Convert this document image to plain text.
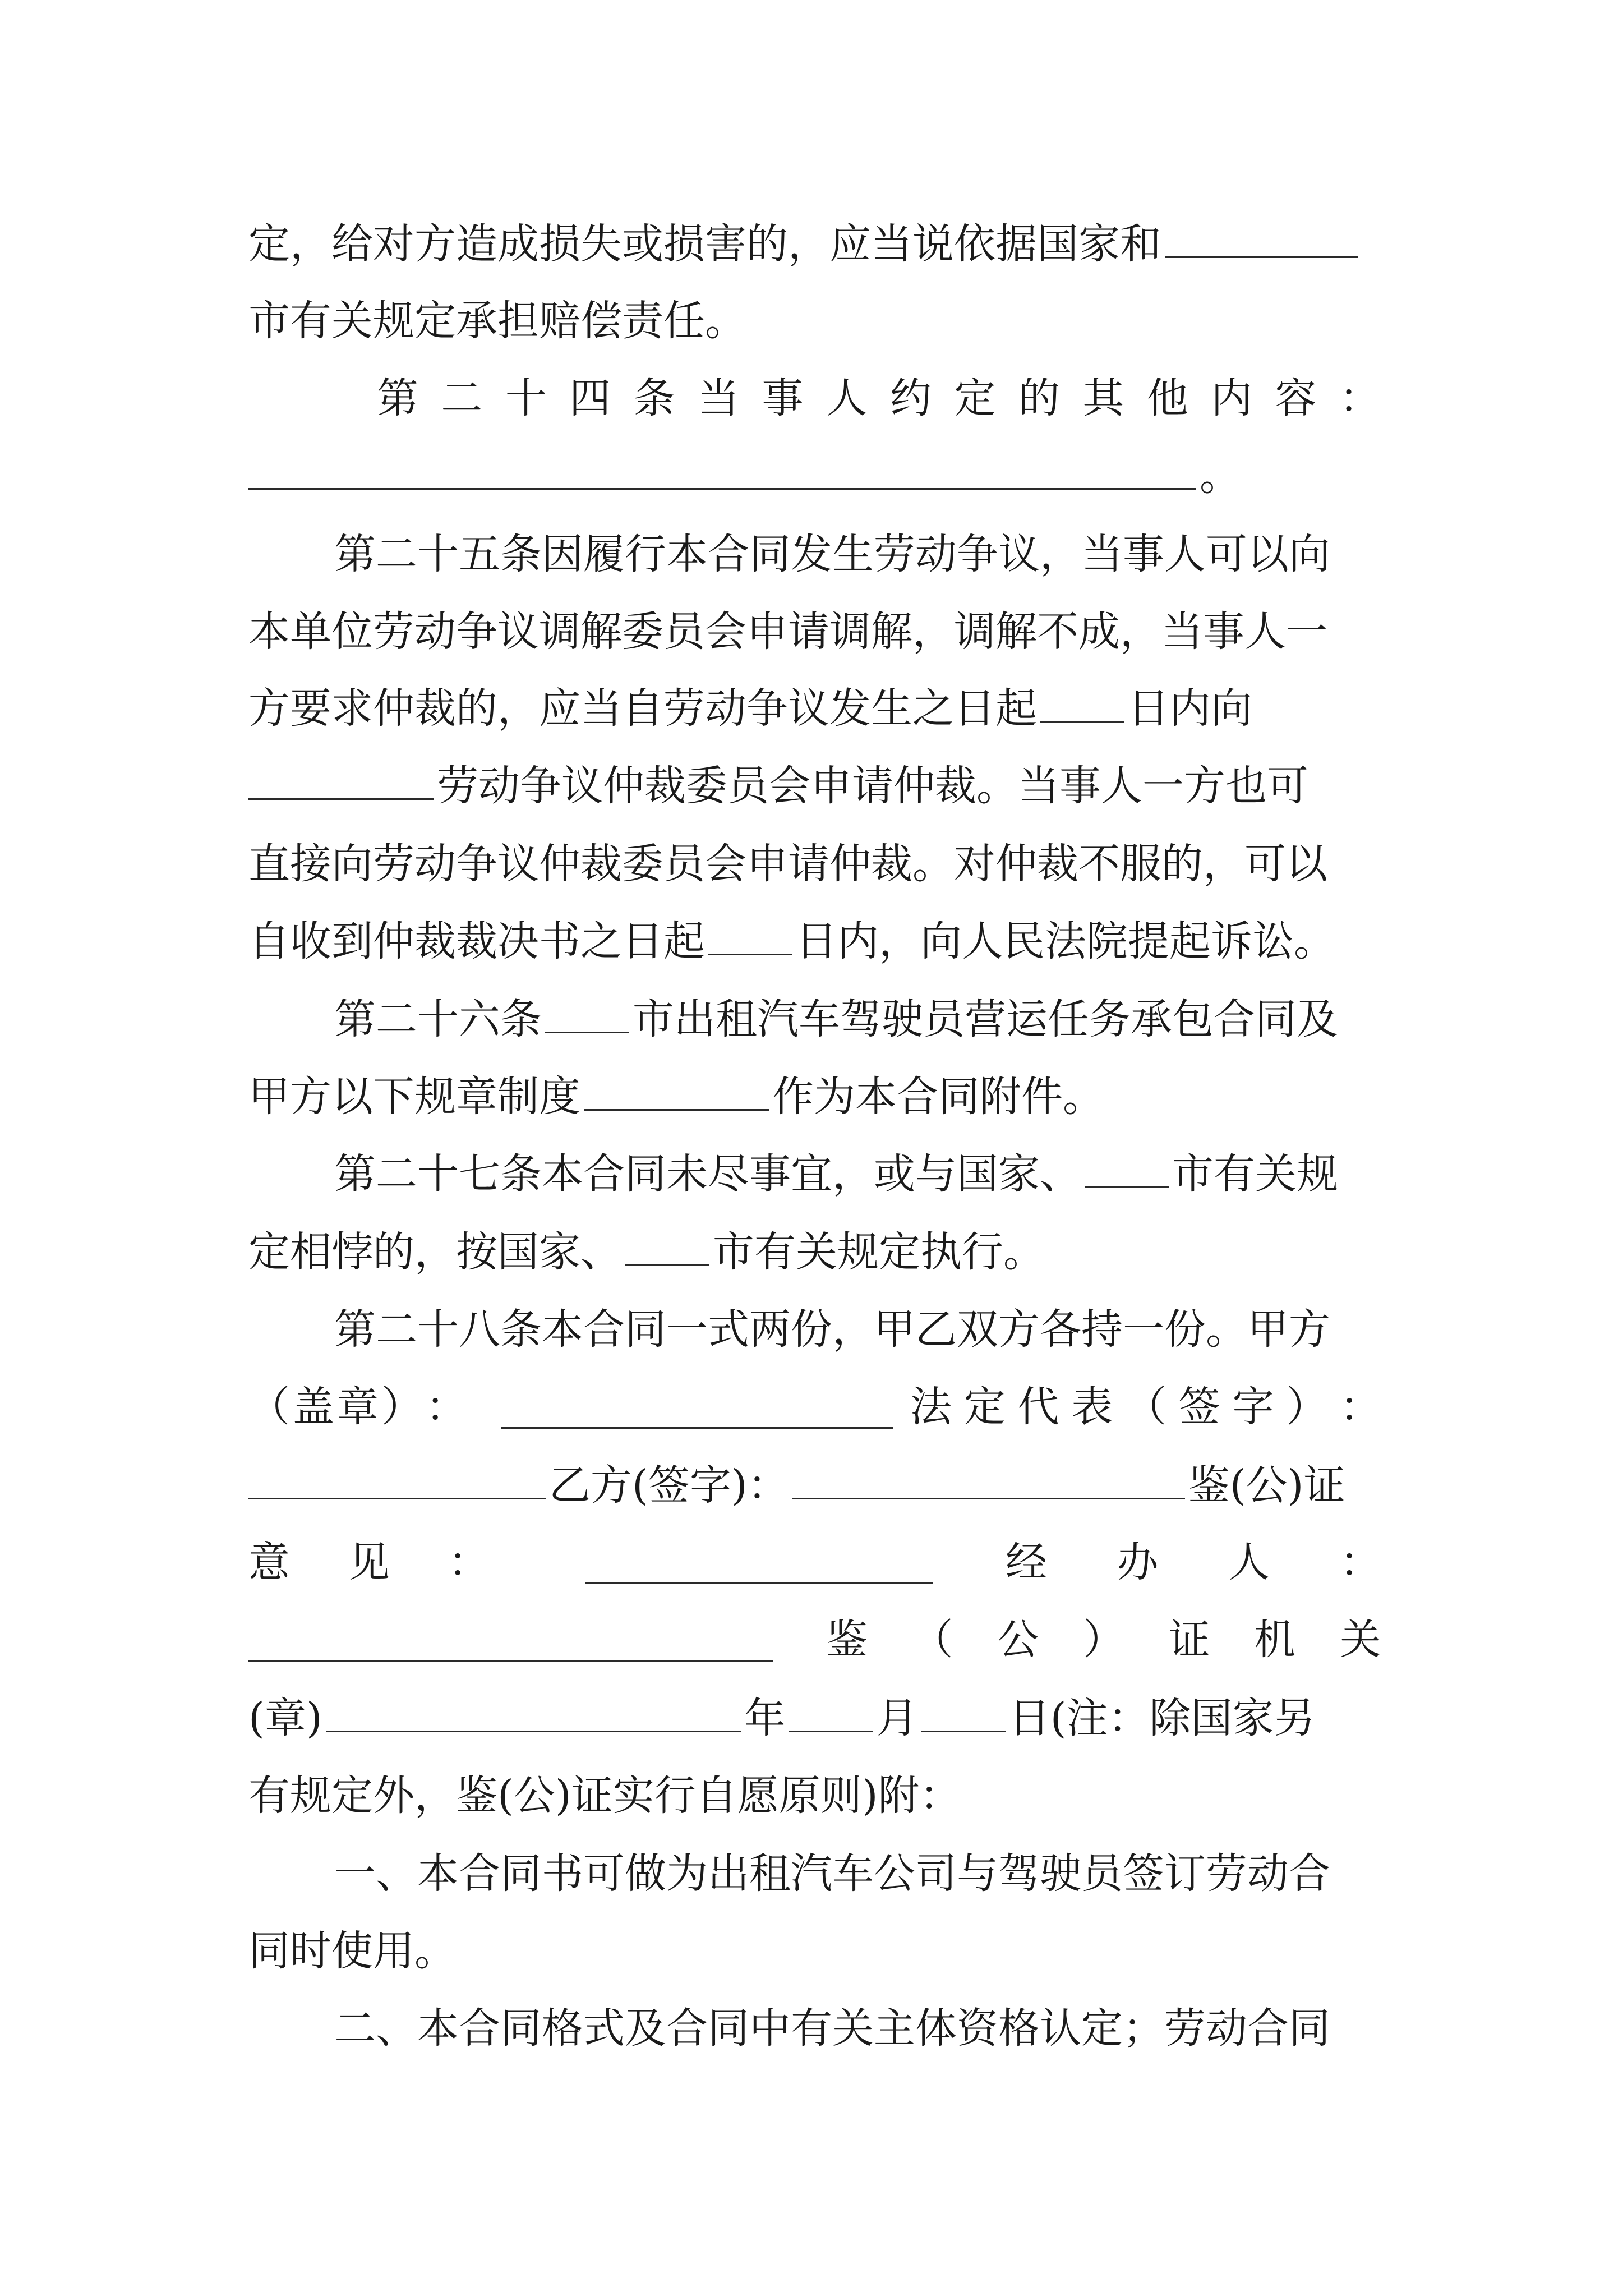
定，给对方造成损失或损害的，应当说依据国家和
市有关规定承担赔偿责任。
第 二 十 四 条 当 事 人 约 定 的 其 他 内 容 ：
。
第二十五条因履行本合同发生劳动争议，当事人可以向
本单位劳动争议调解委员会申请调解，调解不成，当事人一
方要求仲裁的，应当自劳动争议发生之日起 日内向
劳动争议仲裁委员会申请仲裁。当事人一方也可
直接向劳动争议仲裁委员会申请仲裁。对仲裁不服的，可以
自收到仲裁裁决书之日起 日内，向人民法院提起诉讼。
第二十六条 市出租汽车驾驶员营运任务承包合同及
甲方以下规章制度	作为本合同附件。
第二十七条本合同未尽事宜，或与国家、 市有关规
定相悖的，按国家、 市有关规定执行。
第二十八条本合同一式两份，甲乙双方各持一份。甲方
（ 盖 章 ） ：	法 定 代 表 （ 签 字 ） ：
乙方(签字)：	鉴(公)证
意 见 ：	经 办 人 ：
鉴 （ 公 ） 证 机 关
(章)	年 月 日(注：除国家另
有规定外，鉴(公)证实行自愿原则)附：
一、本合同书可做为出租汽车公司与驾驶员签订劳动合
同时使用。
二、本合同格式及合同中有关主体资格认定；劳动合同
